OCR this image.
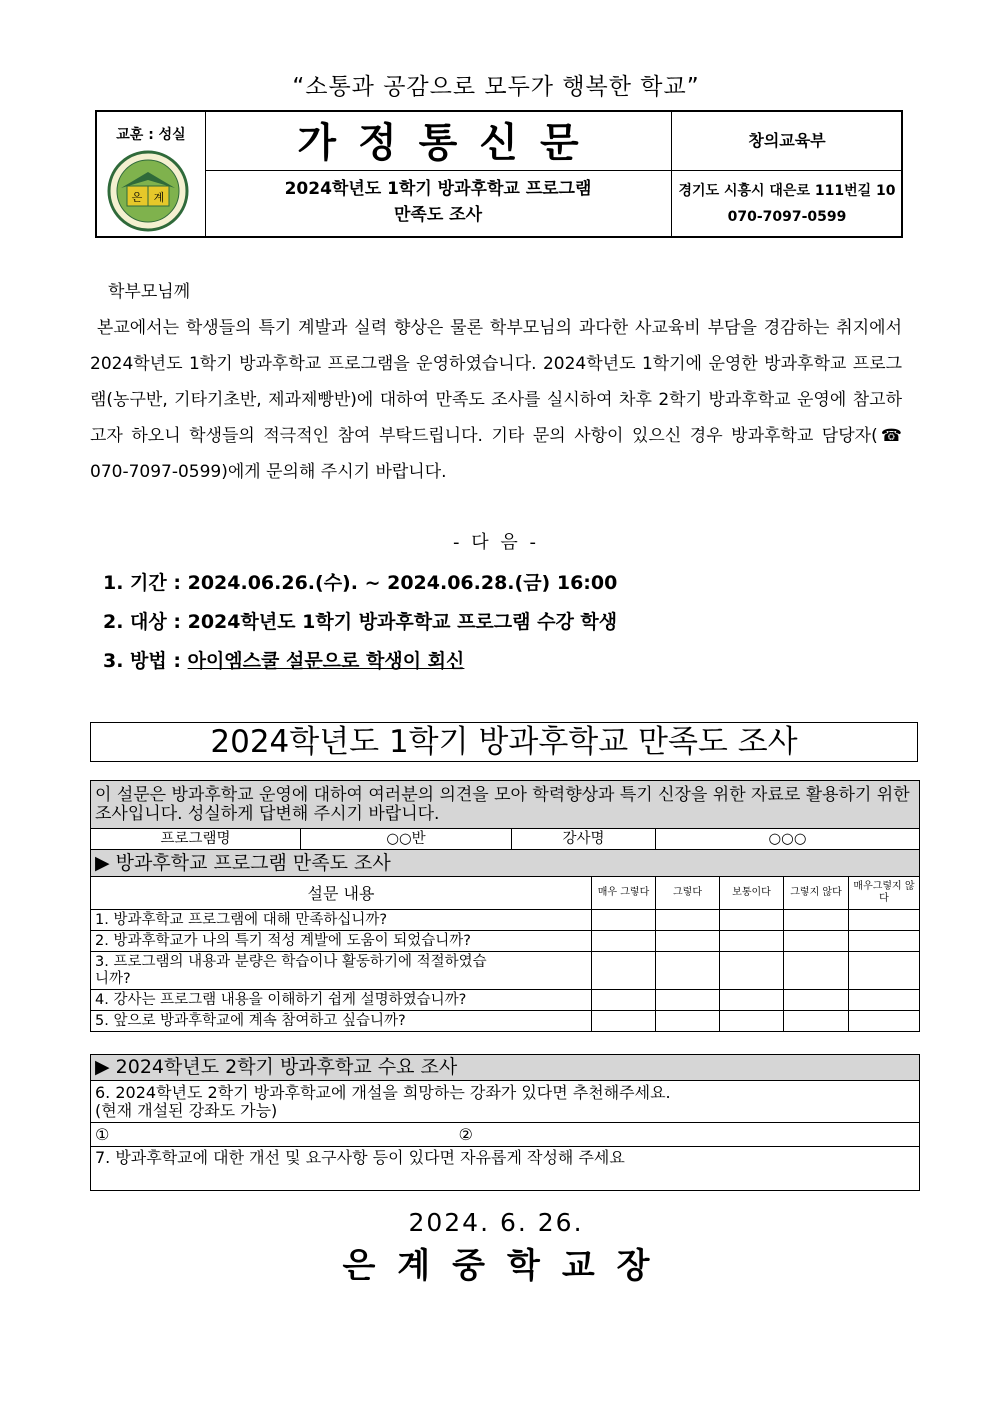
“소통과 공감으로 모두가 행복한 학교”
교훈 : 성실
은 계
가정통신문
2024학년도 1학기 방과후학교 프로그램
만족도 조사
창의교육부
경기도 시흥시 대은로 111번길 10
070-7097-0599
학부모님께
본교에서는 학생들의 특기 계발과 실력 향상은 물론 학부모님의 과다한 사교육비 부담을 경감하는 취지에서 2024학년도 1학기 방과후학교 프로그램을 운영하였습니다. 2024학년도 1학기에 운영한 방과후학교 프로그램(농구반, 기타기초반, 제과제빵반)에 대하여 만족도 조사를 실시하여 차후 2학기 방과후학교 운영에 참고하고자 하오니 학생들의 적극적인 참여 부탁드립니다. 기타 문의 사항이 있으신 경우 방과후학교 담당자(☎ 070-7097-0599)에게 문의해 주시기 바랍니다.
- 다 음 -
1. 기간 : 2024.06.26.(수). ~ 2024.06.28.(금) 16:00
2. 대상 : 2024학년도 1학기 방과후학교 프로그램 수강 학생
3. 방법 : 아이엠스쿨 설문으로 학생이 회신
2024학년도 1학기 방과후학교 만족도 조사
이 설문은 방과후학교 운영에 대하여 여러분의 의견을 모아 학력향상과 특기 신장을 위한 자료로 활용하기 위한 조사입니다. 성실하게 답변해 주시기 바랍니다.							
프로그램명	○○반	강사명		○○○			
▶ 방과후학교 프로그램 만족도 조사							
설문 내용			매우 그렇다	그렇다	보통이다	그렇지 않다	매우그렇지 않다
1. 방과후학교 프로그램에 대해 만족하십니까?							
2. 방과후학교가 나의 특기 적성 계발에 도움이 되었습니까?							

3. 프로그램의 내용과 분량은 학습이나 활동하기에 적절하였습니까?							

4. 강사는 프로그램 내용을 이해하기 쉽게 설명하였습니까?							
5. 앞으로 방과후학교에 계속 참여하고 싶습니까?							
▶ 2024학년도 2학기 방과후학교 수요 조사

6. 2024학년도 2학기 방과후학교에 개설을 희망하는 강좌가 있다면 추천해주세요.
(현재 개설된 강좌도 가능)

①	②
7. 방과후학교에 대한 개선 및 요구사항 등이 있다면 자유롭게 작성해 주세요
2024. 6. 26.
은계중학교장
